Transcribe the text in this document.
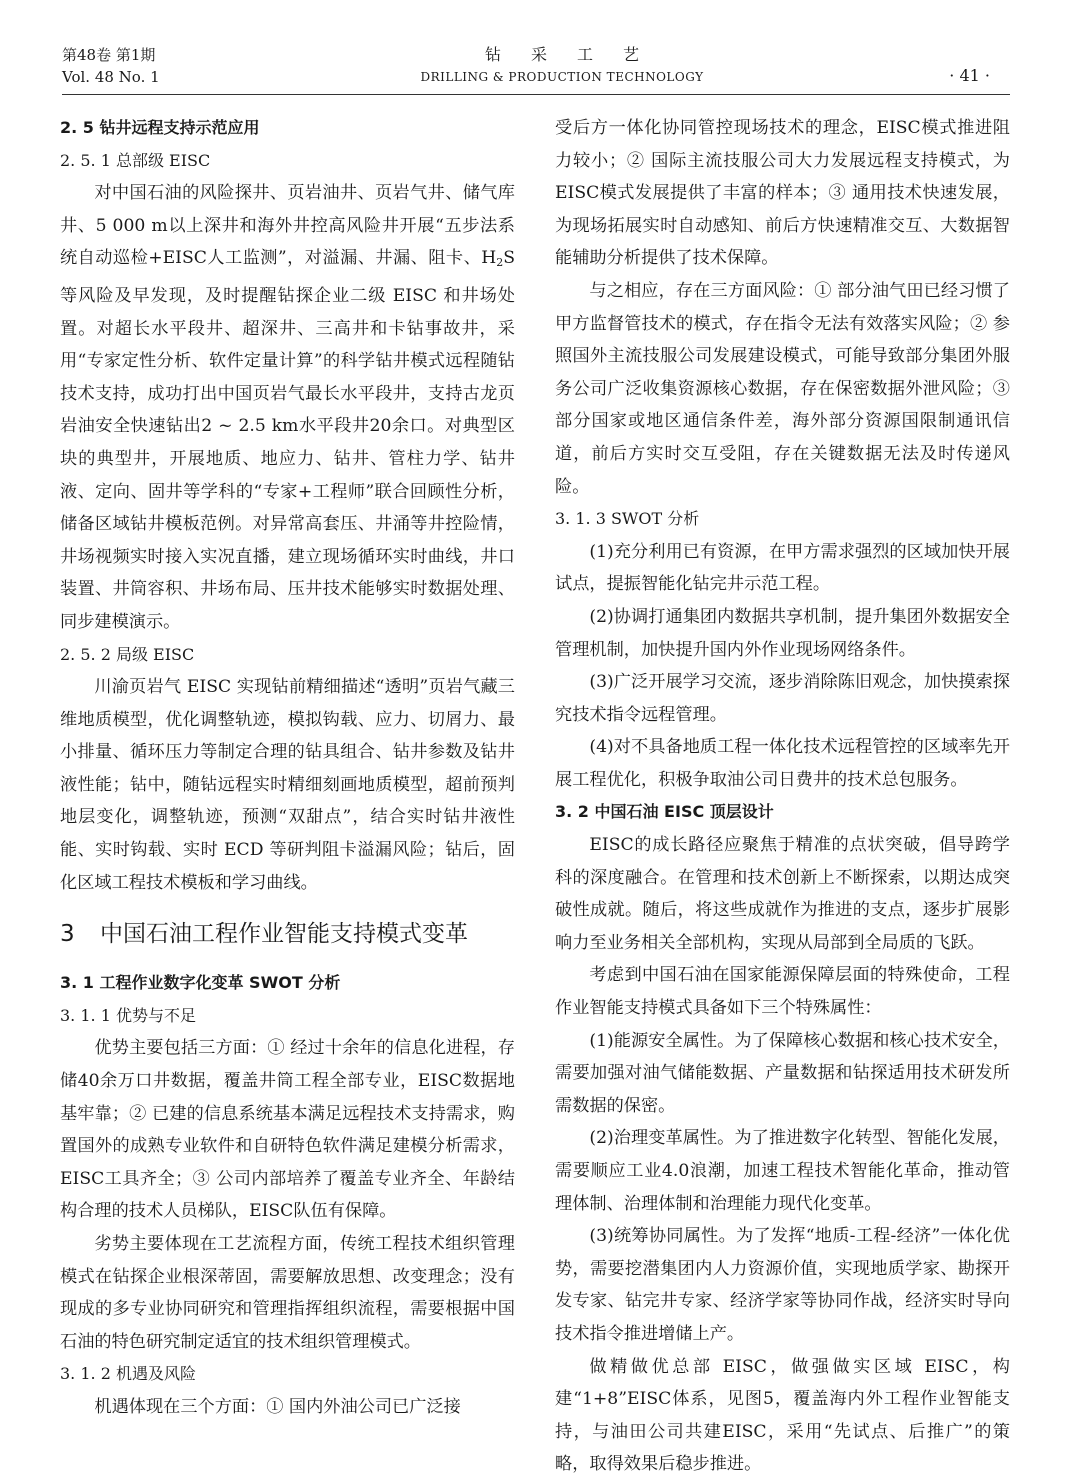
第48卷 第1期
Vol. 48 No. 1
钻采工艺
DRILLING & PRODUCTION TECHNOLOGY	· 41 ·

2. 5 钻井远程支持示范应用

2. 5. 1 总部级 EISC

对中国石油的风险探井、页岩油井、页岩气井、储气库井、5 000 m以上深井和海外井控高风险井开展“五步法系统自动巡检+EISC人工监测”，对溢漏、井漏、阻卡、$H_2S$等风险及早发现，及时提醒钻探企业二级 EISC 和井场处置。对超长水平段井、超深井、三高井和卡钻事故井，采用“专家定性分析、软件定量计算”的科学钻井模式远程随钻技术支持，成功打出中国页岩气最长水平段井，支持古龙页岩油安全快速钻出2 ~ 2.5 km水平段井20余口。对典型区块的典型井，开展地质、地应力、钻井、管柱力学、钻井液、定向、固井等学科的“专家+工程师”联合回顾性分析，储备区域钻井模板范例。对异常高套压、井涌等井控险情，井场视频实时接入实况直播，建立现场循环实时曲线，井口装置、井筒容积、井场布局、压井技术能够实时数据处理、同步建模演示。

2. 5. 2 局级 EISC

川渝页岩气 EISC 实现钻前精细描述“透明”页岩气藏三维地质模型，优化调整轨迹，模拟钩载、应力、切屑力、最小排量、循环压力等制定合理的钻具组合、钻井参数及钻井液性能；钻中，随钻远程实时精细刻画地质模型，超前预判地层变化，调整轨迹，预测“双甜点”，结合实时钻井液性能、实时钩载、实时 ECD 等研判阻卡溢漏风险；钻后，固化区域工程技术模板和学习曲线。

3 中国石油工程作业智能支持模式变革

3. 1 工程作业数字化变革 SWOT 分析

3. 1. 1 优势与不足

优势主要包括三方面：① 经过十余年的信息化进程，存储40余万口井数据，覆盖井筒工程全部专业，EISC数据地基牢靠；② 已建的信息系统基本满足远程技术支持需求，购置国外的成熟专业软件和自研特色软件满足建模分析需求，EISC工具齐全；③ 公司内部培养了覆盖专业齐全、年龄结构合理的技术人员梯队，EISC队伍有保障。

劣势主要体现在工艺流程方面，传统工程技术组织管理模式在钻探企业根深蒂固，需要解放思想、改变理念；没有现成的多专业协同研究和管理指挥组织流程，需要根据中国石油的特色研究制定适宜的技术组织管理模式。

3. 1. 2 机遇及风险

机遇体现在三个方面：① 国内外油公司已广泛接

受后方一体化协同管控现场技术的理念，EISC模式推进阻力较小；② 国际主流技服公司大力发展远程支持模式，为EISC模式发展提供了丰富的样本；③ 通用技术快速发展，为现场拓展实时自动感知、前后方快速精准交互、大数据智能辅助分析提供了技术保障。

与之相应，存在三方面风险：① 部分油气田已经习惯了甲方监督管技术的模式，存在指令无法有效落实风险；② 参照国外主流技服公司发展建设模式，可能导致部分集团外服务公司广泛收集资源核心数据，存在保密数据外泄风险；③ 部分国家或地区通信条件差，海外部分资源国限制通讯信道，前后方实时交互受阻，存在关键数据无法及时传递风险。

3. 1. 3 SWOT 分析

(1)充分利用已有资源，在甲方需求强烈的区域加快开展试点，提振智能化钻完井示范工程。

(2)协调打通集团内数据共享机制，提升集团外数据安全管理机制，加快提升国内外作业现场网络条件。

(3)广泛开展学习交流，逐步消除陈旧观念，加快摸索探究技术指令远程管理。

(4)对不具备地质工程一体化技术远程管控的区域率先开展工程优化，积极争取油公司日费井的技术总包服务。

3. 2 中国石油 EISC 顶层设计

EISC的成长路径应聚焦于精准的点状突破，倡导跨学科的深度融合。在管理和技术创新上不断探索，以期达成突破性成就。随后，将这些成就作为推进的支点，逐步扩展影响力至业务相关全部机构，实现从局部到全局质的飞跃。

考虑到中国石油在国家能源保障层面的特殊使命，工程作业智能支持模式具备如下三个特殊属性：

(1)能源安全属性。为了保障核心数据和核心技术安全，需要加强对油气储能数据、产量数据和钻探适用技术研发所需数据的保密。

(2)治理变革属性。为了推进数字化转型、智能化发展，需要顺应工业4.0浪潮，加速工程技术智能化革命，推动管理体制、治理体制和治理能力现代化变革。

(3)统筹协同属性。为了发挥“地质-工程-经济”一体化优势，需要挖潜集团内人力资源价值，实现地质学家、勘探开发专家、钻完井专家、经济学家等协同作战，经济实时导向技术指令推进增储上产。

做精做优总部 EISC，做强做实区域 EISC，构建“1+8”EISC体系，见图5，覆盖海内外工程作业智能支持，与油田公司共建EISC，采用“先试点、后推广”的策略，取得效果后稳步推进。
